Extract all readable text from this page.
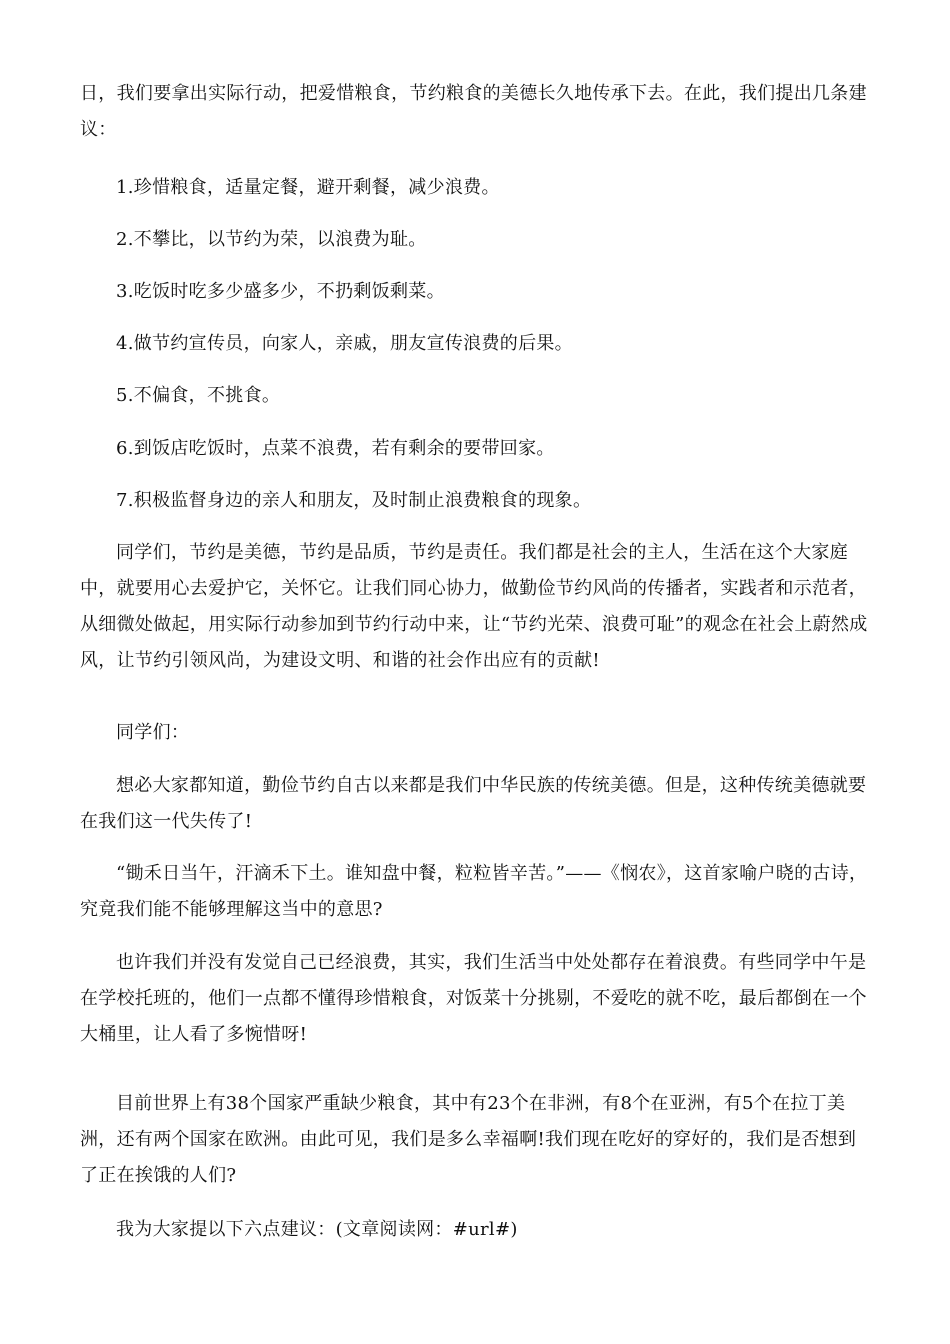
日，我们要拿出实际行动，把爱惜粮食，节约粮食的美德长久地传承下去。在此，我们提出几条建议：

1.珍惜粮食，适量定餐，避开剩餐，减少浪费。

2.不攀比，以节约为荣，以浪费为耻。

3.吃饭时吃多少盛多少，不扔剩饭剩菜。

4.做节约宣传员，向家人，亲戚，朋友宣传浪费的后果。

5.不偏食，不挑食。

6.到饭店吃饭时，点菜不浪费，若有剩余的要带回家。

7.积极监督身边的亲人和朋友，及时制止浪费粮食的现象。

同学们，节约是美德，节约是品质，节约是责任。我们都是社会的主人，生活在这个大家庭中，就要用心去爱护它，关怀它。让我们同心协力，做勤俭节约风尚的传播者，实践者和示范者，从细微处做起，用实际行动参加到节约行动中来，让“节约光荣、浪费可耻”的观念在社会上蔚然成风，让节约引领风尚，为建设文明、和谐的社会作出应有的贡献!

同学们：

想必大家都知道，勤俭节约自古以来都是我们中华民族的传统美德。但是，这种传统美德就要在我们这一代失传了!

“锄禾日当午，汗滴禾下土。谁知盘中餐，粒粒皆辛苦。”——《悯农》，这首家喻户晓的古诗，究竟我们能不能够理解这当中的意思?

也许我们并没有发觉自己已经浪费，其实，我们生活当中处处都存在着浪费。有些同学中午是在学校托班的，他们一点都不懂得珍惜粮食，对饭菜十分挑剔，不爱吃的就不吃，最后都倒在一个大桶里，让人看了多惋惜呀!

目前世界上有38个国家严重缺少粮食，其中有23个在非洲，有8个在亚洲，有5个在拉丁美洲，还有两个国家在欧洲。由此可见，我们是多么幸福啊!我们现在吃好的穿好的，我们是否想到了正在挨饿的人们?

我为大家提以下六点建议：(文章阅读网：#url#)
